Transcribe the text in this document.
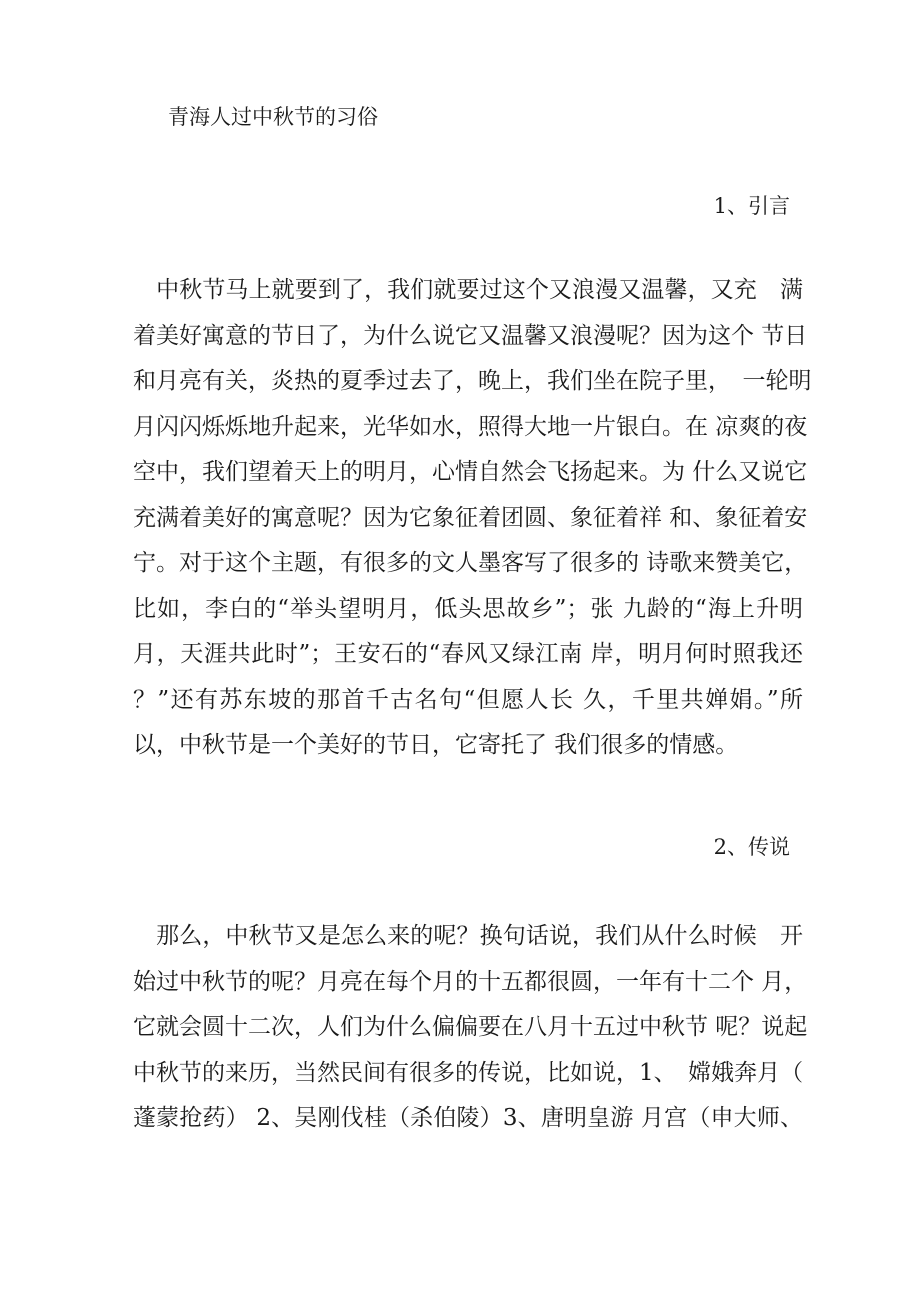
青海人过中秋节的习俗
1、引言
　中秋节马上就要到了，我们就要过这个又浪漫又温馨，又充　满
着美好寓意的节日了，为什么说它又温馨又浪漫呢？因为这个 节日
和月亮有关，炎热的夏季过去了，晚上，我们坐在院子里，　一轮明
月闪闪烁烁地升起来，光华如水，照得大地一片银白。在 凉爽的夜
空中，我们望着天上的明月，心情自然会飞扬起来。为 什么又说它
充满着美好的寓意呢？因为它象征着团圆、象征着祥 和、象征着安
宁。对于这个主题，有很多的文人墨客写了很多的 诗歌来赞美它，
比如，李白的“举头望明月，低头思故乡”；张 九龄的“海上升明
月，天涯共此时”；王安石的“春风又绿江南 岸，明月何时照我还
？”还有苏东坡的那首千古名句“但愿人长 久，千里共婵娟。”所
以，中秋节是一个美好的节日，它寄托了 我们很多的情感。
2、传说
　那么，中秋节又是怎么来的呢？换句话说，我们从什么时候　开
始过中秋节的呢？月亮在每个月的十五都很圆，一年有十二个 月，
它就会圆十二次，人们为什么偏偏要在八月十五过中秋节 呢？说起
中秋节的来历，当然民间有很多的传说，比如说，1、　嫦娥奔月（
蓬蒙抢药） 2、吴刚伐桂（杀伯陵）3、唐明皇游 月宫（申大师、
